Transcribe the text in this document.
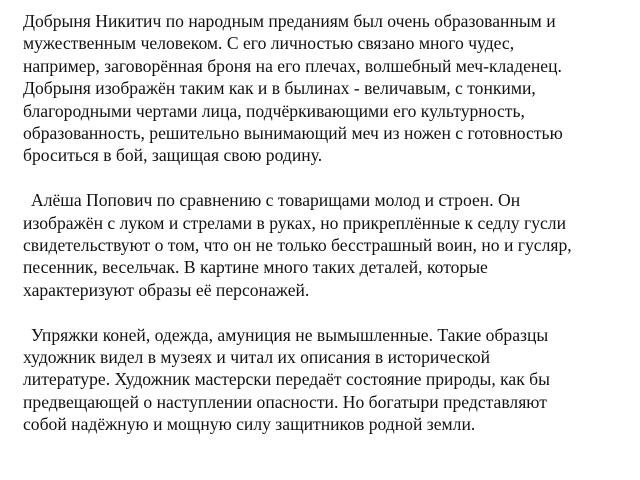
Добрыня Никитич по народным преданиям был очень образованным и
мужественным человеком. С его личностью связано много чудес,
например, заговорённая броня на его плечах, волшебный меч-кладенец.
Добрыня изображён таким как и в былинах - величавым, с тонкими,
благородными чертами лица, подчёркивающими его культурность,
образованность, решительно вынимающий меч из ножен с готовностью
броситься в бой, защищая свою родину.
Алёша Попович по сравнению с товарищами молод и строен. Он
изображён с луком и стрелами в руках, но прикреплённые к седлу гусли
свидетельствуют о том, что он не только бесстрашный воин, но и гусляр,
песенник, весельчак. В картине много таких деталей, которые
характеризуют образы её персонажей.
Упряжки коней, одежда, амуниция не вымышленные. Такие образцы
художник видел в музеях и читал их описания в исторической
литературе. Художник мастерски передаёт состояние природы, как бы
предвещающей о наступлении опасности. Но богатыри представляют
собой надёжную и мощную силу защитников родной земли.
